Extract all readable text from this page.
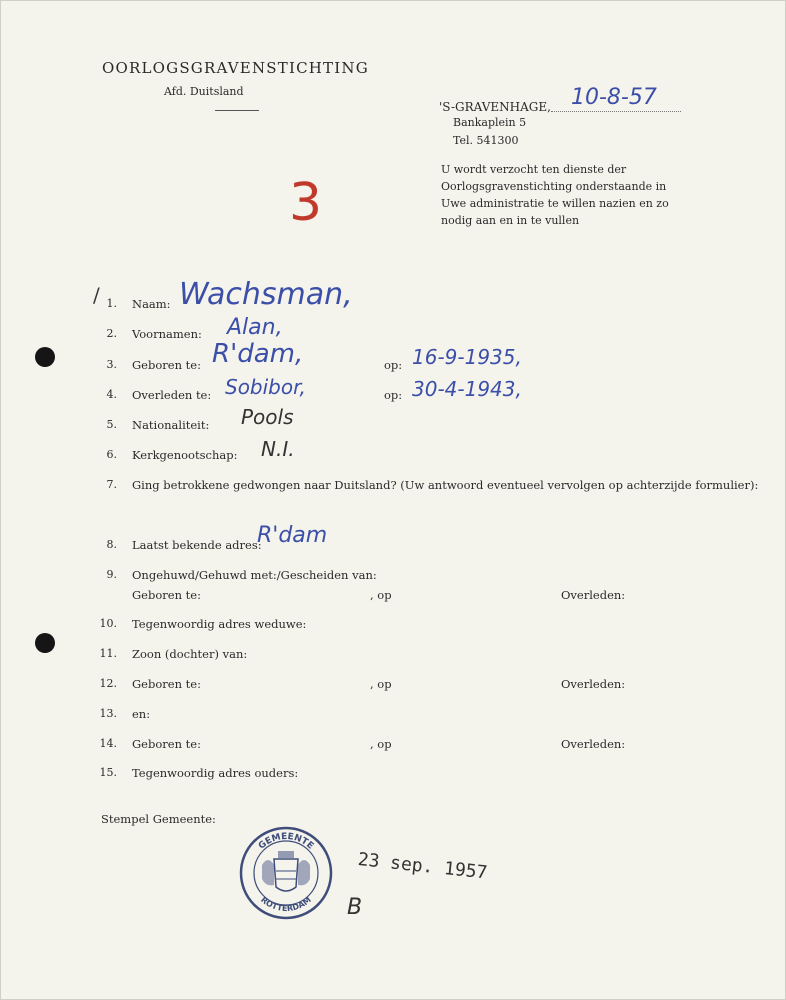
OORLOGSGRAVENSTICHTING
Afd. Duitsland
'S-GRAVENHAGE, 10-8-57
Bankaplein 5
Tel. 541300
U wordt verzocht ten dienste der Oorlogsgravenstichting onderstaande in Uwe administratie te willen nazien en zo nodig aan en in te vullen
3
/ 1. Naam: Wachsman,
2. Voornamen: Alan,
3. Geboren te: R'dam,	op: 16-9-1935,
4. Overleden te: Sobibor,	op: 30-4-1943,
5. Nationaliteit: Pools
6. Kerkgenootschap: N.I.
7. Ging betrokkene gedwongen naar Duitsland? (Uw antwoord eventueel vervolgen op achterzijde formulier):
8. Laatst bekende adres:
R'dam
9. Ongehuwd/Gehuwd met:/Gescheiden van:
Geboren te:	, op	Overleden:
10. Tegenwoordig adres weduwe:
11. Zoon (dochter) van:
12. Geboren te:	, op	Overleden:
13. en:
14. Geboren te:	, op	Overleden:
15. Tegenwoordig adres ouders:
Stempel Gemeente:
GEMEENTE
ROTTERDAM
23 sep. 1957
B
